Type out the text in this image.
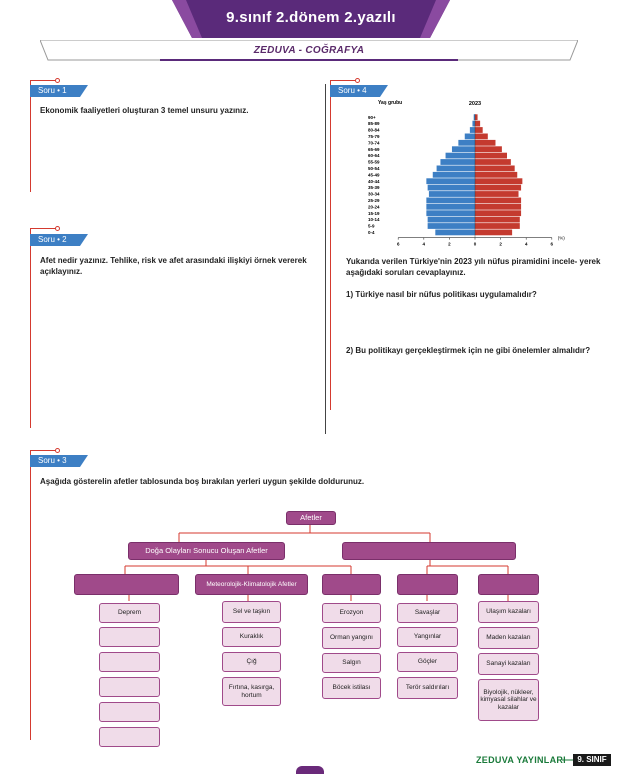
9.sınıf 2.dönem 2.yazılı
ZEDUVA - COĞRAFYA
Soru • 1
Ekonomik faaliyetleri oluşturan 3 temel unsuru yazınız.
Soru • 2
Afet nedir yazınız. Tehlike, risk ve afet arasındaki ilişkiyi örnek vererek açıklayınız.
Soru • 4
Yaş grubu	2023
90+
85-89
80-84
75-79
70-74
65-69
60-64
55-59
50-54
45-49
40-44
35-39
30-34
25-29
20-24
15-19
10-14
5-9
0-4
6	4	2	0	2	4	6
(%)
Yukarıda verilen Türkiye'nin 2023 yılı nüfus piramidini incele- yerek aşağıdaki soruları cevaplayınız.
1) Türkiye nasıl bir nüfus politikası uygulamalıdır?
2) Bu politikayı gerçekleştirmek için ne gibi önelemler almalıdır?
Soru • 3
Aşağıda gösterelin afetler tablosunda boş bırakılan yerleri uygun şekilde doldurunuz.
Afetler
Doğa Olayları Sonucu Oluşan Afetler
Meteorolojik-Klimatolojik Afetler
Deprem	Sel ve taşkın
Kuraklık
Çığ
Fırtına, kasırga, hortum
Erozyon
Orman yangını
Salgın
Böcek istilası
Savaşlar
Yangınlar
Göçler
Terör saldırıları
Ulaşım kazaları
Maden kazaları
Sanayi kazaları
Biyolojik, nükleer, kimyasal silahlar ve kazalar
ZEDUVA YAYINLARI	9. SINIF
